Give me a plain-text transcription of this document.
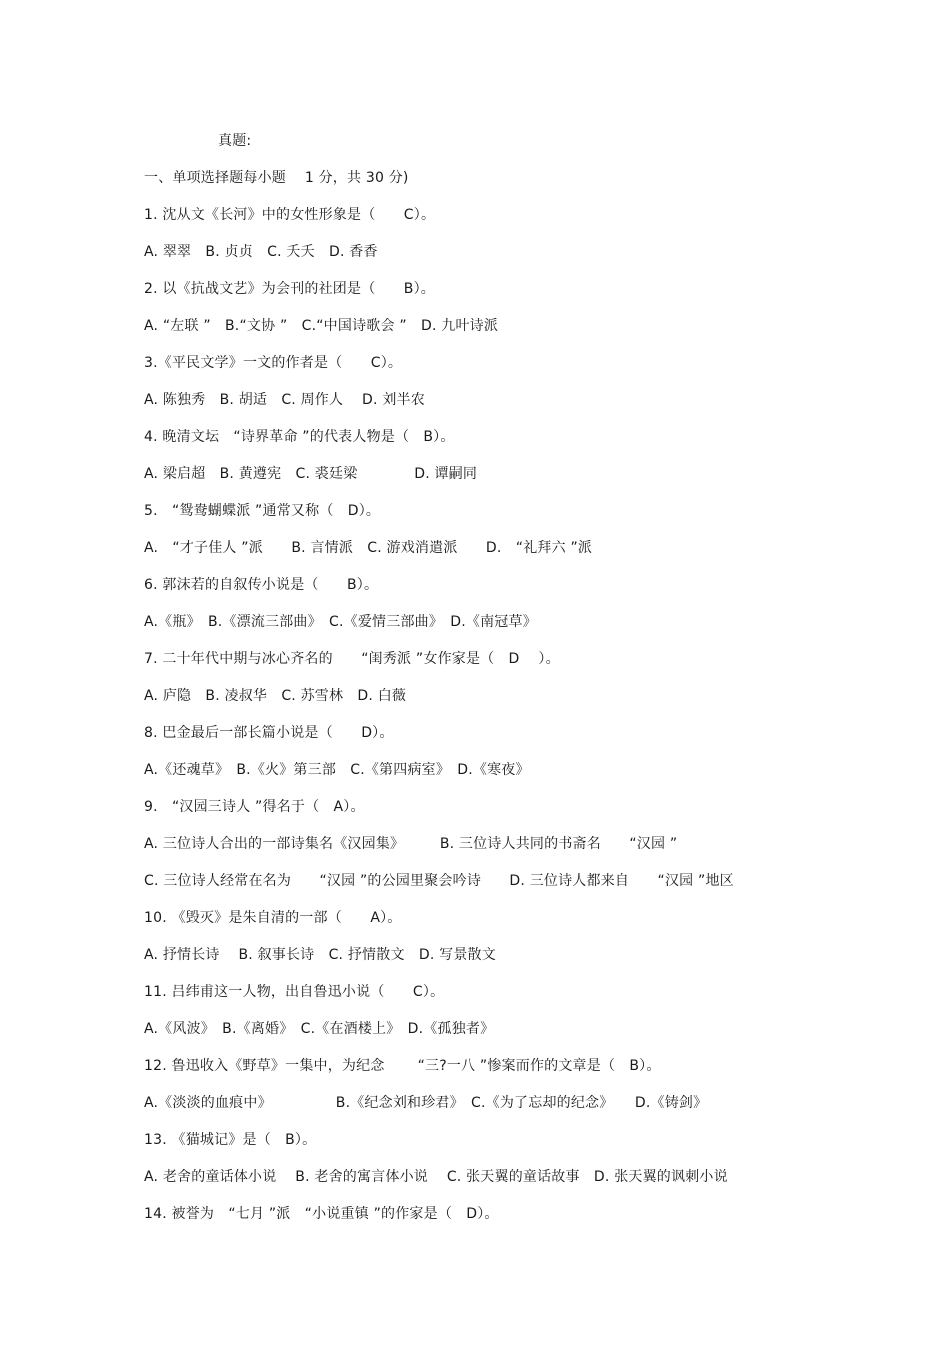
真题:
一、单项选择题每小题　 1 分，共 30 分)
1. 沈从文《长河》中的女性形象是（　　C）。
A. 翠翠　B. 贞贞　C. 夭夭　D. 香香
2. 以《抗战文艺》为会刊的社团是（　　B）。
A. “左联 ”　B.“文协 ”　C.“中国诗歌会 ”　D. 九叶诗派
3.《平民文学》一文的作者是（　　C）。
A. 陈独秀　B. 胡适　C. 周作人　 D. 刘半农
4. 晚清文坛　“诗界革命 ”的代表人物是（　B）。
A. 梁启超　B. 黄遵宪　C. 裘廷梁　　　　D. 谭嗣同
5.　“鸳鸯蝴蝶派 ”通常又称（　D）。
A.　“才子佳人 ”派　　B. 言情派　C. 游戏消遣派　　D.　“礼拜六 ”派
6. 郭沫若的自叙传小说是（　　B）。
A.《瓶》　B.《漂流三部曲》　C.《爱情三部曲》　D.《南冠草》
7. 二十年代中期与冰心齐名的　　“闺秀派 ”女作家是（　D　 ）。
A. 庐隐　B. 凌叔华　C. 苏雪林　D. 白薇
8. 巴金最后一部长篇小说是（　　D）。
A.《还魂草》　B.《火》第三部　C.《第四病室》　D.《寒夜》
9.　“汉园三诗人 ”得名于（　A）。
A. 三位诗人合出的一部诗集名《汉园集》　　　B. 三位诗人共同的书斋名　　“汉园 ”
C. 三位诗人经常在名为　　“汉园 ”的公园里聚会吟诗　　D. 三位诗人都来自　　“汉园 ”地区
10. 《毁灭》是朱自清的一部（　　A）。
A. 抒情长诗　 B. 叙事长诗　C. 抒情散文　D. 写景散文
11. 吕纬甫这一人物，出自鲁迅小说（　　C）。
A.《风波》　B.《离婚》　C.《在酒楼上》　D.《孤独者》
12. 鲁迅收入《野草》一集中，为纪念　　 “三?一八 ”惨案而作的文章是（　B）。
A.《淡淡的血痕中》　　　　　B.《纪念刘和珍君》　C.《为了忘却的纪念》　　D.《铸剑》
13. 《猫城记》是（　B）。
A. 老舍的童话体小说　 B. 老舍的寓言体小说　 C. 张天翼的童话故事　D. 张天翼的讽刺小说
14. 被誉为　“七月 ”派　“小说重镇 ”的作家是（　D）。
